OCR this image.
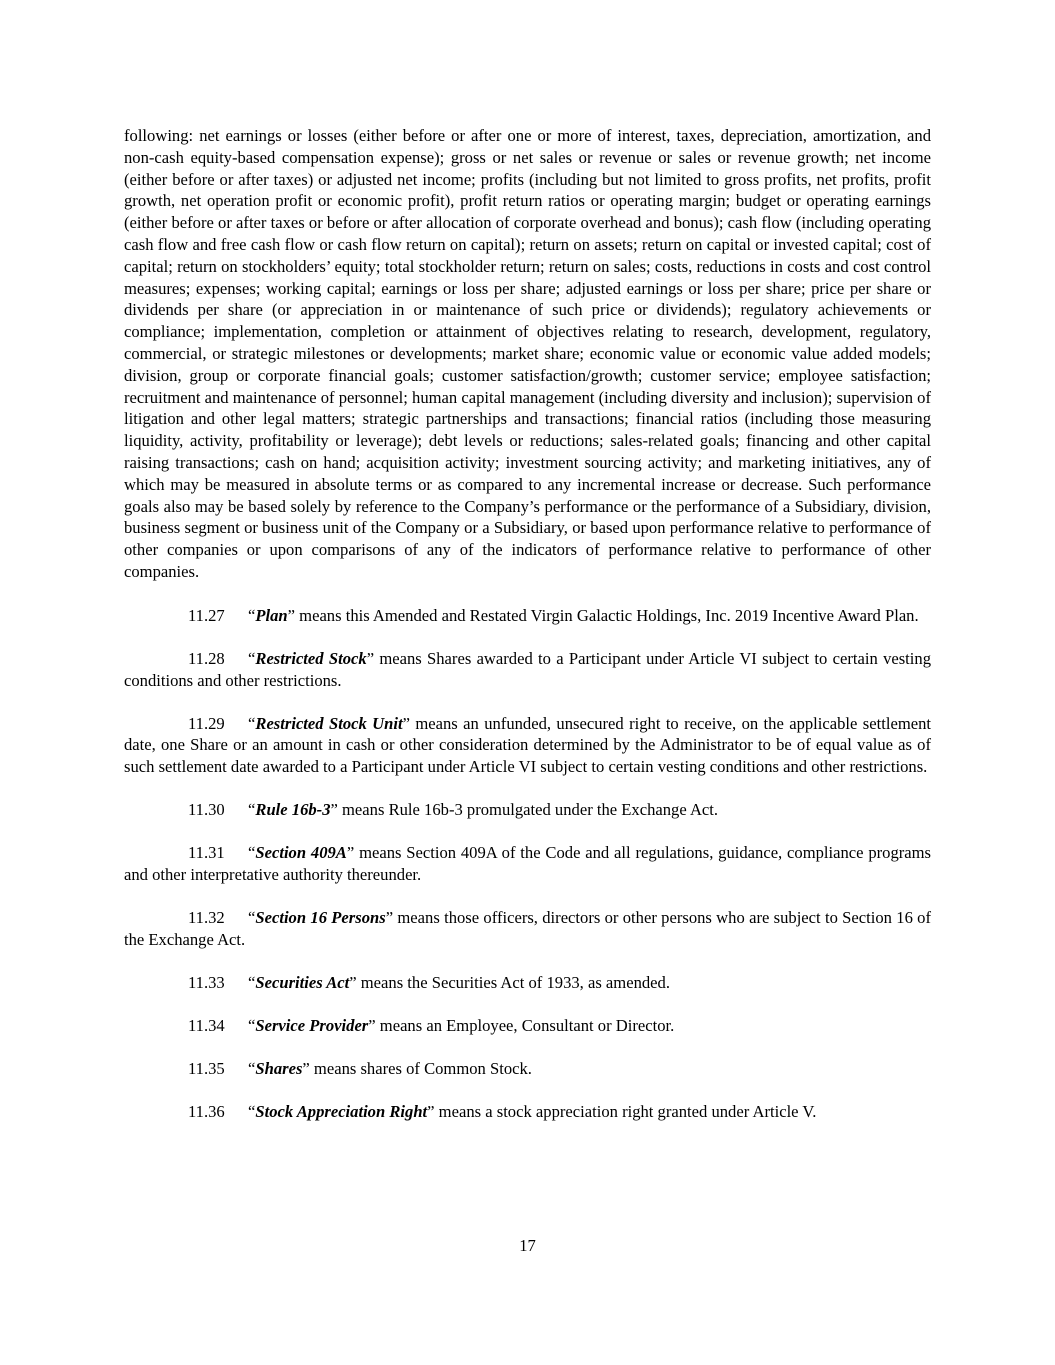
following: net earnings or losses (either before or after one or more of interest, taxes, depreciation, amortization, and non-cash equity-based compensation expense); gross or net sales or revenue or sales or revenue growth; net income (either before or after taxes) or adjusted net income; profits (including but not limited to gross profits, net profits, profit growth, net operation profit or economic profit), profit return ratios or operating margin; budget or operating earnings (either before or after taxes or before or after allocation of corporate overhead and bonus); cash flow (including operating cash flow and free cash flow or cash flow return on capital); return on assets; return on capital or invested capital; cost of capital; return on stockholders’ equity; total stockholder return; return on sales; costs, reductions in costs and cost control measures; expenses; working capital; earnings or loss per share; adjusted earnings or loss per share; price per share or dividends per share (or appreciation in or maintenance of such price or dividends); regulatory achievements or compliance; implementation, completion or attainment of objectives relating to research, development, regulatory, commercial, or strategic milestones or developments; market share; economic value or economic value added models; division, group or corporate financial goals; customer satisfaction/growth; customer service; employee satisfaction; recruitment and maintenance of personnel; human capital management (including diversity and inclusion); supervision of litigation and other legal matters; strategic partnerships and transactions; financial ratios (including those measuring liquidity, activity, profitability or leverage); debt levels or reductions; sales-related goals; financing and other capital raising transactions; cash on hand; acquisition activity; investment sourcing activity; and marketing initiatives, any of which may be measured in absolute terms or as compared to any incremental increase or decrease. Such performance goals also may be based solely by reference to the Company’s performance or the performance of a Subsidiary, division, business segment or business unit of the Company or a Subsidiary, or based upon performance relative to performance of other companies or upon comparisons of any of the indicators of performance relative to performance of other companies.

11.27 “Plan” means this Amended and Restated Virgin Galactic Holdings, Inc. 2019 Incentive Award Plan.

11.28 “Restricted Stock” means Shares awarded to a Participant under Article VI subject to certain vesting conditions and other restrictions.

11.29 “Restricted Stock Unit” means an unfunded, unsecured right to receive, on the applicable settlement date, one Share or an amount in cash or other consideration determined by the Administrator to be of equal value as of such settlement date awarded to a Participant under Article VI subject to certain vesting conditions and other restrictions.

11.30 “Rule 16b-3” means Rule 16b-3 promulgated under the Exchange Act.

11.31 “Section 409A” means Section 409A of the Code and all regulations, guidance, compliance programs and other interpretative authority thereunder.

11.32 “Section 16 Persons” means those officers, directors or other persons who are subject to Section 16 of the Exchange Act.

11.33 “Securities Act” means the Securities Act of 1933, as amended.

11.34 “Service Provider” means an Employee, Consultant or Director.

11.35 “Shares” means shares of Common Stock.

11.36 “Stock Appreciation Right” means a stock appreciation right granted under Article V.

17
